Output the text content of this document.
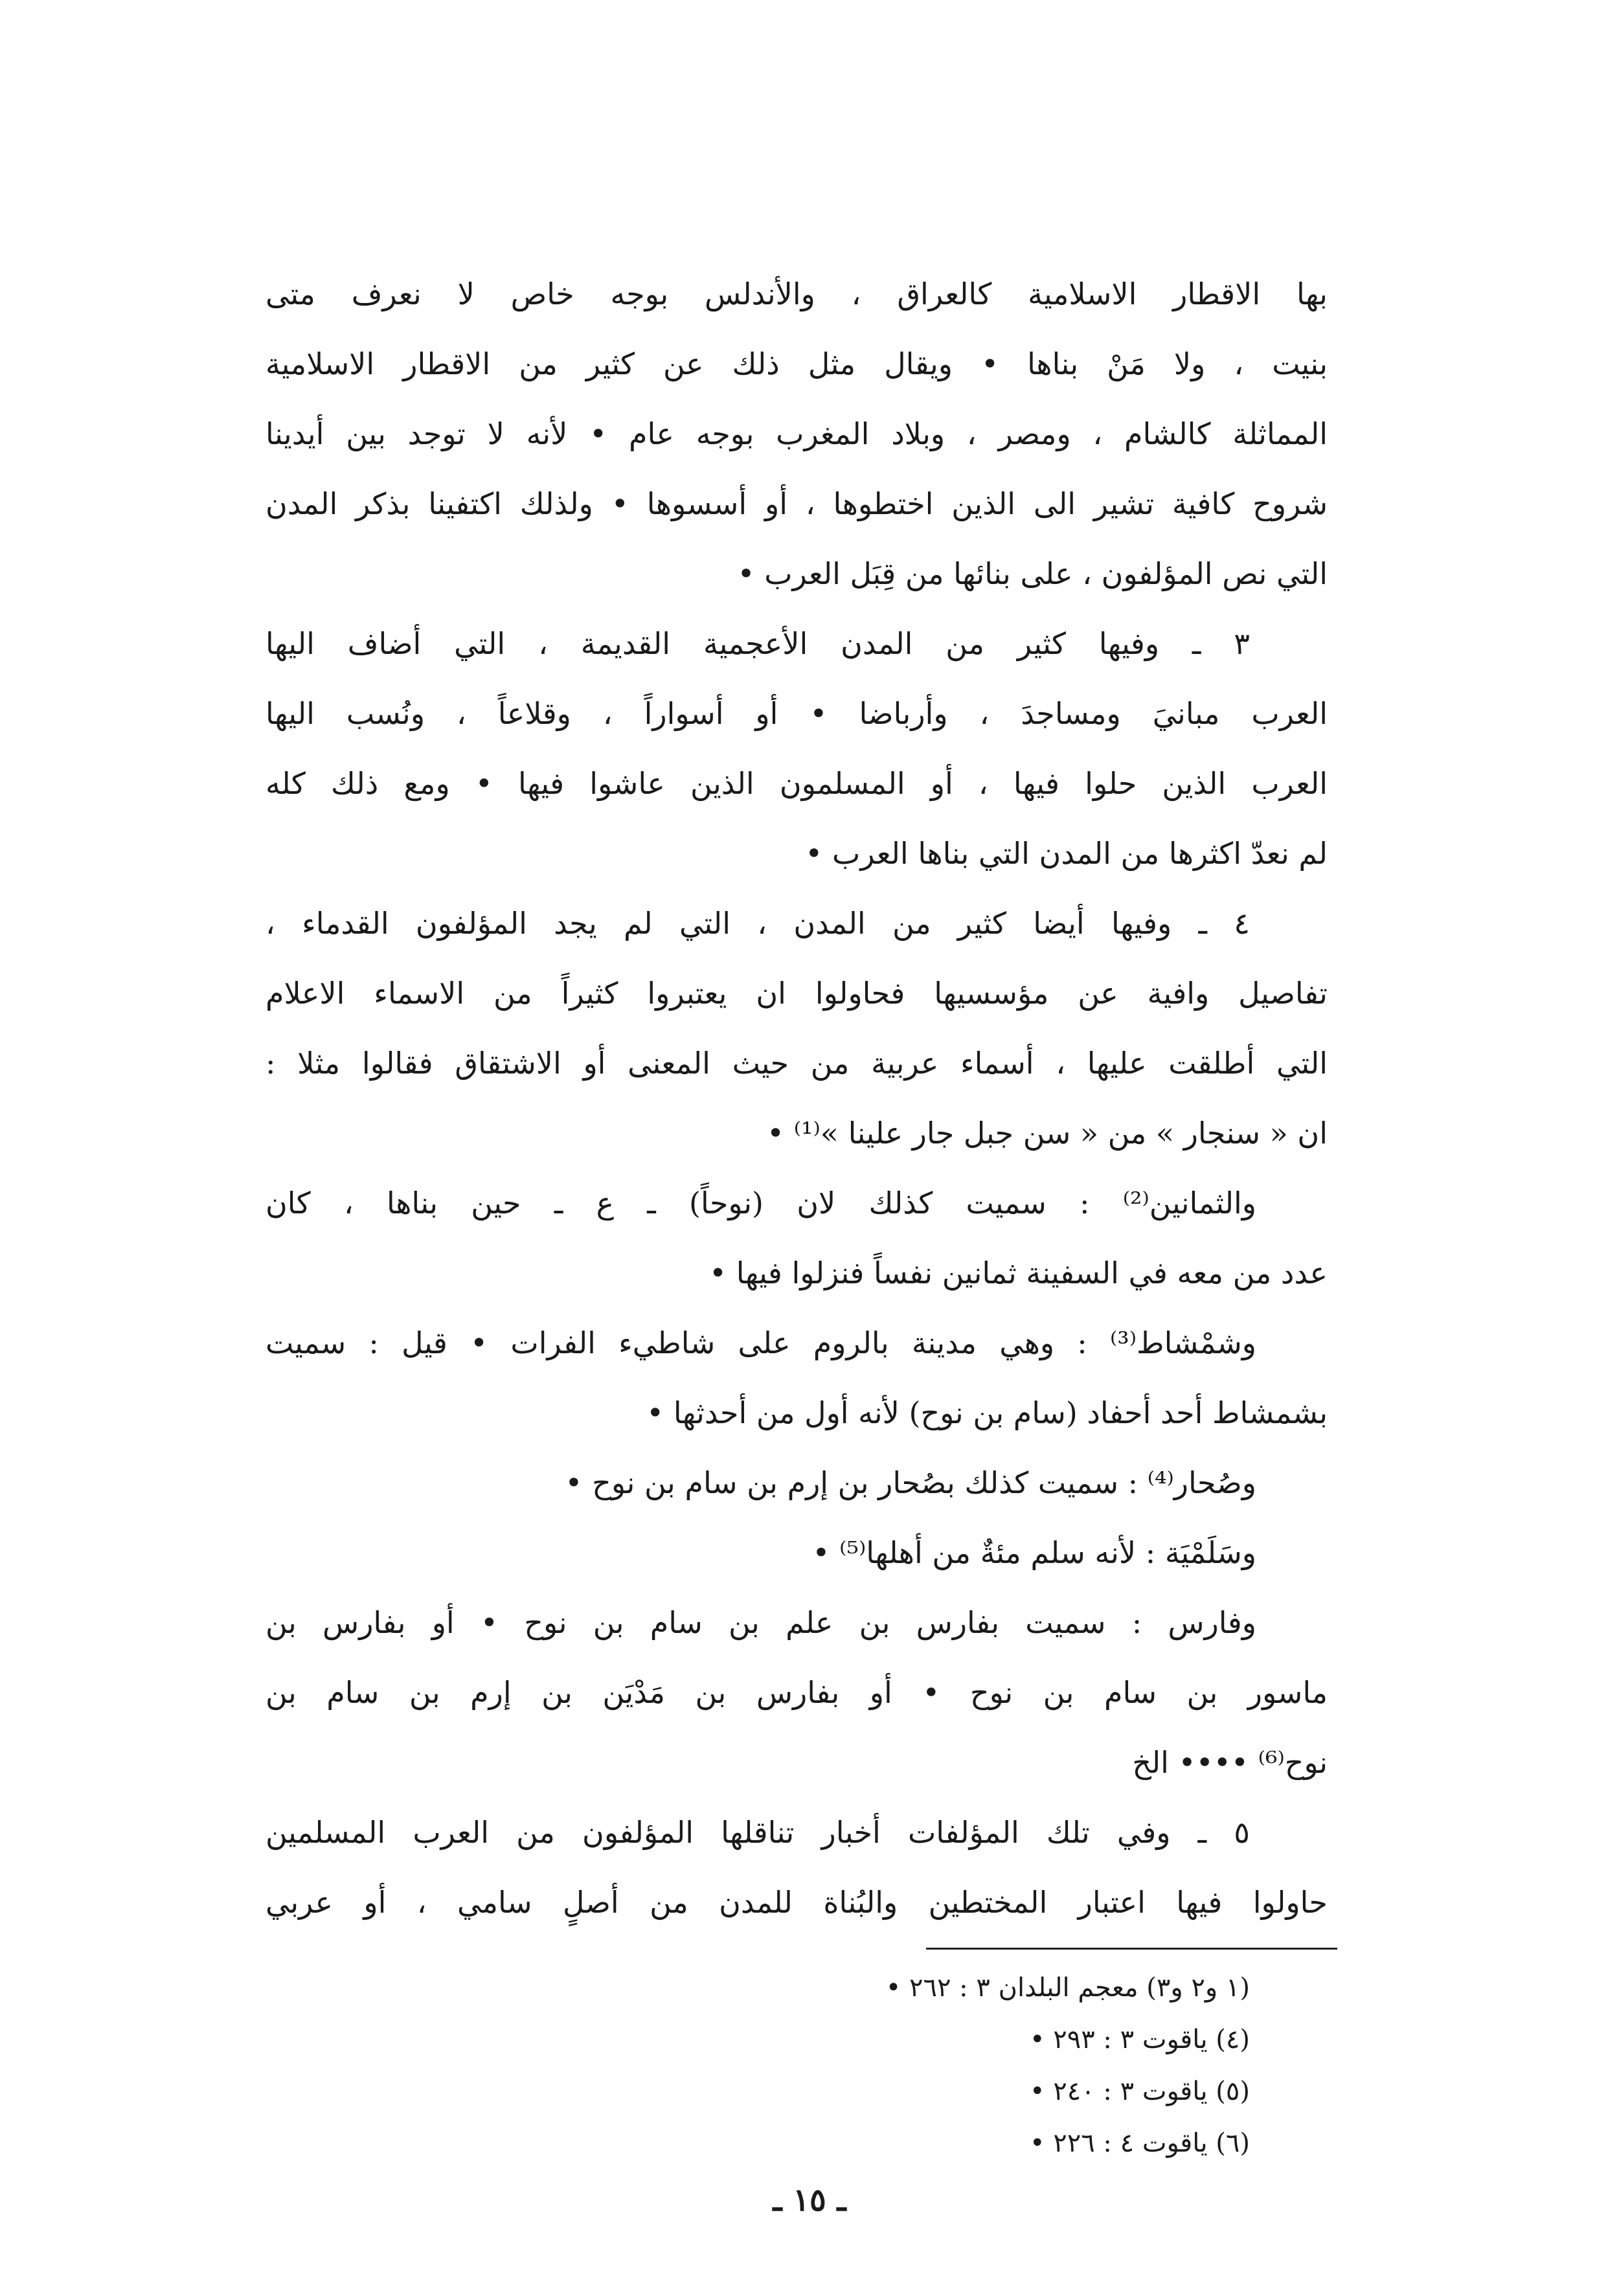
بها الاقطار الاسلامية كالعراق ، والأندلس بوجه خاص لا نعرف متى
بنيت ، ولا مَنْ بناها • ويقال مثل ذلك عن كثير من الاقطار الاسلامية
المماثلة كالشام ، ومصر ، وبلاد المغرب بوجه عام • لأنه لا توجد بين أيدينا
شروح كافية تشير الى الذين اختطوها ، أو أسسوها • ولذلك اكتفينا بذكر المدن
التي نص المؤلفون ، على بنائها من قِبَل العرب •
٣ ـ وفيها كثير من المدن الأعجمية القديمة ، التي أضاف اليها
العرب مبانيَ ومساجدَ ، وأرباضا • أو أسواراً ، وقلاعاً ، ونُسب اليها
العرب الذين حلوا فيها ، أو المسلمون الذين عاشوا فيها • ومع ذلك كله
لم نعدّ اكثرها من المدن التي بناها العرب •
٤ ـ وفيها أيضا كثير من المدن ، التي لم يجد المؤلفون القدماء ،
تفاصيل وافية عن مؤسسيها فحاولوا ان يعتبروا كثيراً من الاسماء الاعلام
التي أطلقت عليها ، أسماء عربية من حيث المعنى أو الاشتقاق فقالوا مثلا :
ان « سنجار » من « سن جبل جار علينا »⁽¹⁾ •
والثمانين⁽²⁾ : سميت كذلك لان (نوحاً) ـ ع ـ حين بناها ، كان
عدد من معه في السفينة ثمانين نفساً فنزلوا فيها •
وشمْشاط⁽³⁾ : وهي مدينة بالروم على شاطيء الفرات • قيل : سميت
بشمشاط أحد أحفاد (سام بن نوح) لأنه أول من أحدثها •
وصُحار⁽⁴⁾ : سميت كذلك بصُحار بن إرم بن سام بن نوح •
وسَلَمْيَة : لأنه سلم مئةٌ من أهلها⁽⁵⁾ •
وفارس : سميت بفارس بن علم بن سام بن نوح • أو بفارس بن
ماسور بن سام بن نوح • أو بفارس بن مَدْيَن بن إرم بن سام بن
نوح⁽⁶⁾ •••• الخ
٥ ـ وفي تلك المؤلفات أخبار تناقلها المؤلفون من العرب المسلمين
حاولوا فيها اعتبار المختطين والبُناة للمدن من أصلٍ سامي ، أو عربي
(١ و٢ و٣) معجم البلدان ٣ : ٢٦٢ •
(٤) ياقوت ٣ : ٢٩٣ •
(٥) ياقوت ٣ : ٢٤٠ •
(٦) ياقوت ٤ : ٢٢٦ •
ـ ١٥ ـ
